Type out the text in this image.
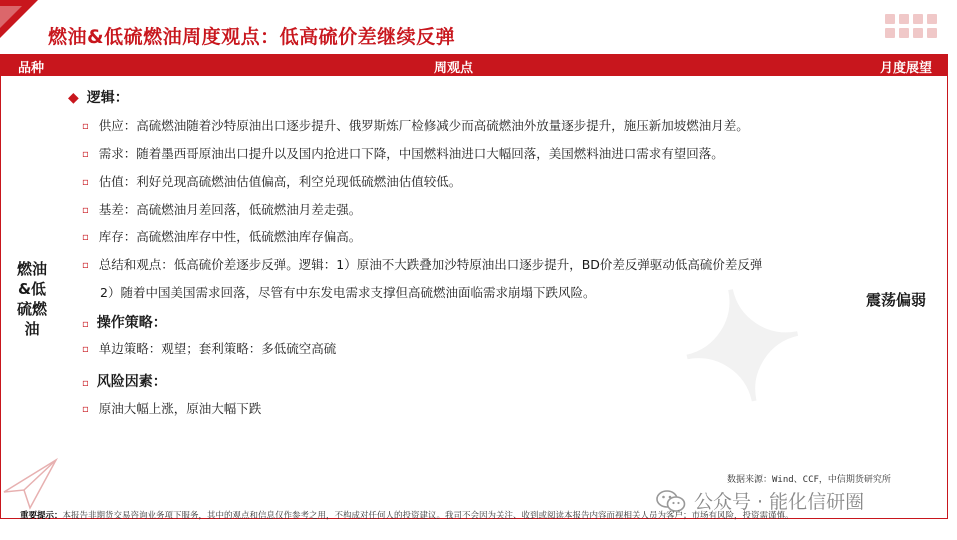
✦
燃油&低硫燃油周度观点：低高硫价差继续反弹
品种	周观点	月度展望
燃油
&低
硫燃
油
震荡偏弱
◆ 逻辑：
▫ 供应：高硫燃油随着沙特原油出口逐步提升、俄罗斯炼厂检修减少而高硫燃油外放量逐步提升，施压新加坡燃油月差。
▫ 需求：随着墨西哥原油出口提升以及国内抢进口下降，中国燃料油进口大幅回落，美国燃料油进口需求有望回落。
▫ 估值：利好兑现高硫燃油估值偏高，利空兑现低硫燃油估值较低。
▫ 基差：高硫燃油月差回落，低硫燃油月差走强。
▫ 库存：高硫燃油库存中性，低硫燃油库存偏高。
▫ 总结和观点：低高硫价差逐步反弹。逻辑：1）原油不大跌叠加沙特原油出口逐步提升，BD价差反弹驱动低高硫价差反弹
2）随着中国美国需求回落，尽管有中东发电需求支撑但高硫燃油面临需求崩塌下跌风险。
▫ 操作策略：
▫ 单边策略：观望；套利策略：多低硫空高硫
▫ 风险因素：
▫ 原油大幅上涨，原油大幅下跌
数据来源：Wind、CCF，中信期货研究所
公众号 · 能化信研圈
重要提示：本报告非期货交易咨询业务项下服务，其中的观点和信息仅作参考之用，不构成对任何人的投资建议。我司不会因为关注、收到或阅读本报告内容而视相关人员为客户；市场有风险，投资需谨慎。
